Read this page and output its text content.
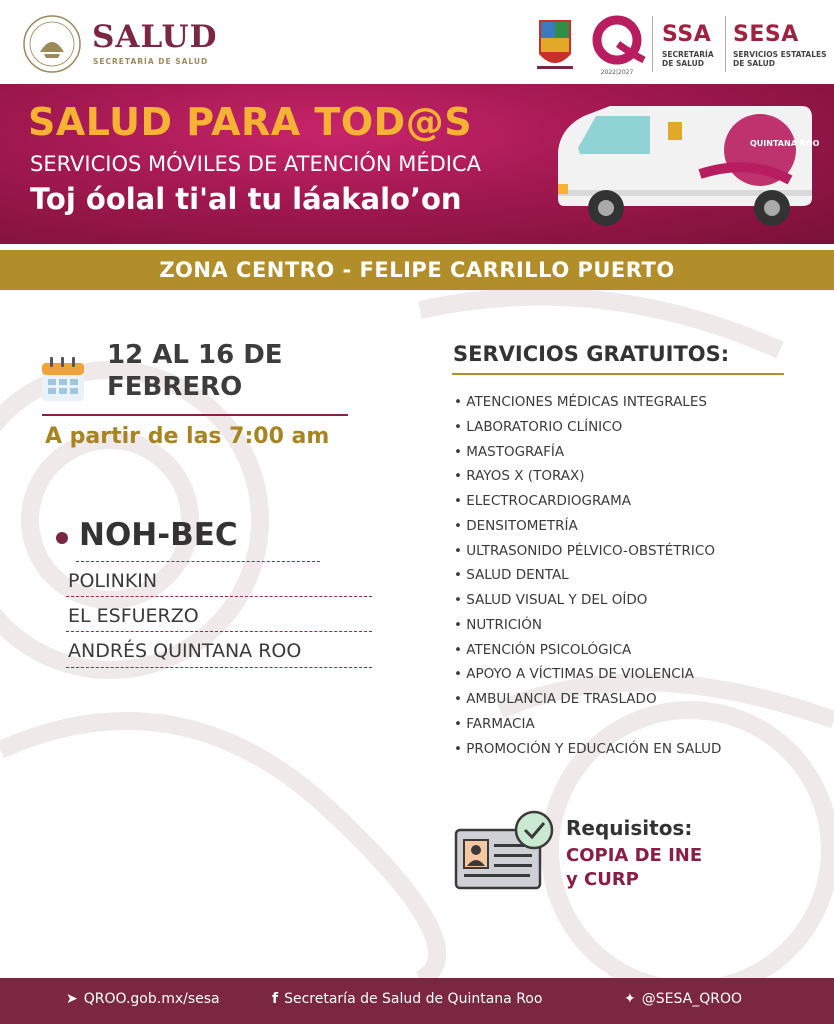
SALUD
SECRETARÍA DE SALUD
2022|2027
SSA
SECRETARÍA
DE SALUD
SESA
SERVICIOS ESTATALES
DE SALUD
SALUD PARA TOD@S
SERVICIOS MÓVILES DE ATENCIÓN MÉDICA
Toj óolal ti'al tu láakalo’on
QUINTANA ROO
ZONA CENTRO - FELIPE CARRILLO PUERTO
12 AL 16 DE
FEBRERO
A partir de las 7:00 am
NOH-BEC
POLINKIN
EL ESFUERZO
ANDRÉS QUINTANA ROO
SERVICIOS GRATUITOS:
• ATENCIONES MÉDICAS INTEGRALES
• LABORATORIO CLÍNICO
• MASTOGRAFÍA
• RAYOS X (TORAX)
• ELECTROCARDIOGRAMA
• DENSITOMETRÍA
• ULTRASONIDO PÉLVICO-OBSTÉTRICO
• SALUD DENTAL
• SALUD VISUAL Y DEL OÍDO
• NUTRICIÓN
• ATENCIÓN PSICOLÓGICA
• APOYO A VÍCTIMAS DE VIOLENCIA
• AMBULANCIA DE TRASLADO
• FARMACIA
• PROMOCIÓN Y EDUCACIÓN EN SALUD
Requisitos:
COPIA DE INE
y CURP
➤ QROO.gob.mx/sesa	f Secretaría de Salud de Quintana Roo	✦ @SESA_QROO
